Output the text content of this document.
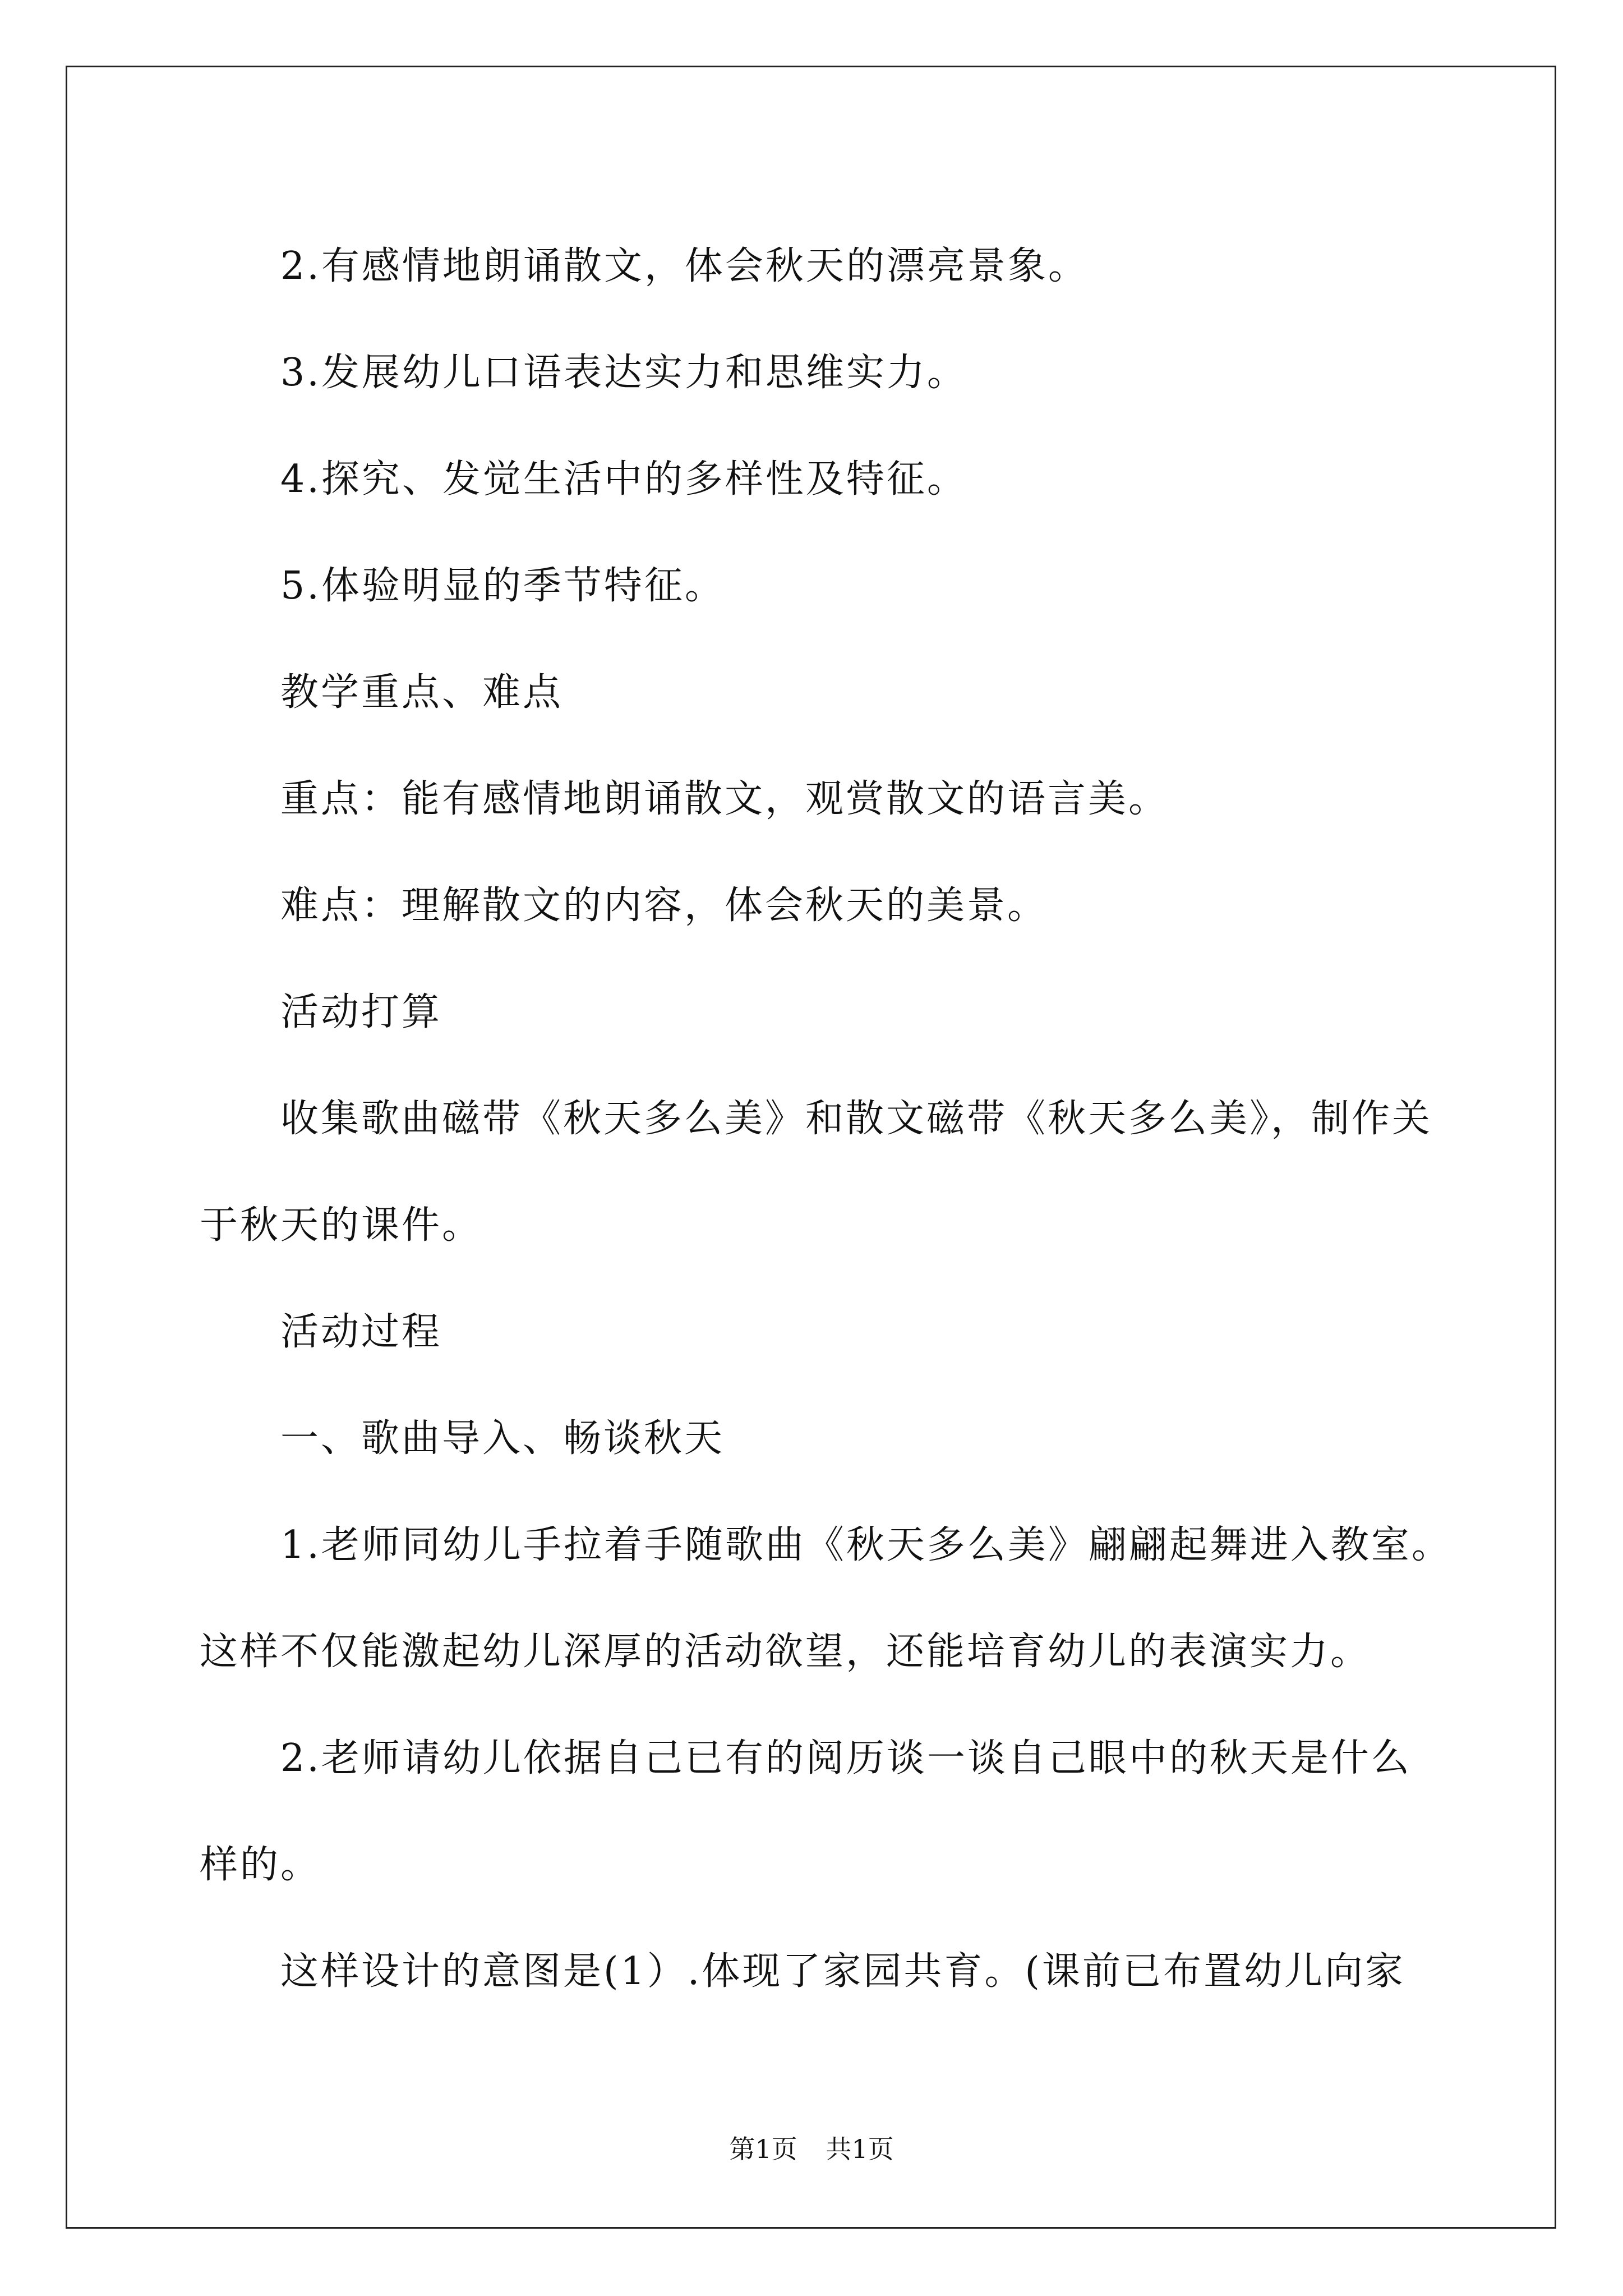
2.有感情地朗诵散文，体会秋天的漂亮景象。

3.发展幼儿口语表达实力和思维实力。

4.探究、发觉生活中的多样性及特征。

5.体验明显的季节特征。

教学重点、难点

重点：能有感情地朗诵散文，观赏散文的语言美。

难点：理解散文的内容，体会秋天的美景。

活动打算

收集歌曲磁带《秋天多么美》和散文磁带《秋天多么美》，制作关

于秋天的课件。

活动过程

一、歌曲导入、畅谈秋天

1.老师同幼儿手拉着手随歌曲《秋天多么美》翩翩起舞进入教室。

这样不仅能激起幼儿深厚的活动欲望，还能培育幼儿的表演实力。

2.老师请幼儿依据自己已有的阅历谈一谈自己眼中的秋天是什么

样的。

这样设计的意图是(1）.体现了家园共育。(课前已布置幼儿向家

第1页 共1页
